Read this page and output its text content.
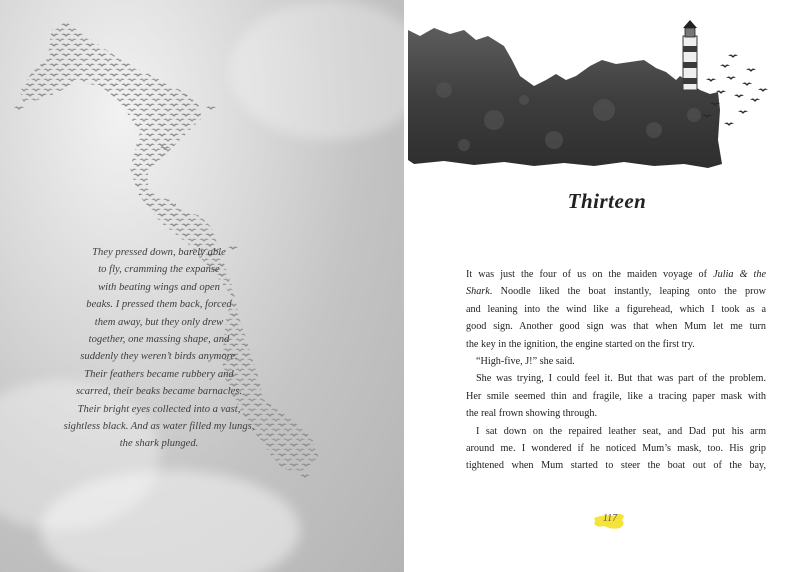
They pressed down, barely able
to fly, cramming the expanse
with beating wings and open
beaks. I pressed them back, forced
them away, but they only drew
together, one massing shape, and
suddenly they weren’t birds anymore.
Their feathers became rubbery and
scarred, their beaks became barnacles.
Their bright eyes collected into a vast,
sightless black. And as water filled my lungs,
the shark plunged.

Thirteen
It was just the four of us on the maiden voyage of Julia & the
Shark. Noodle liked the boat instantly, leaping onto the prow
and leaning into the wind like a figurehead, which I took as a
good sign. Another good sign was that when Mum let me turn
the key in the ignition, the engine started on the first try.
“High-five, J!” she said.
She was trying, I could feel it. But that was part of the problem.
Her smile seemed thin and fragile, like a tracing paper mask with
the real frown showing through.
I sat down on the repaired leather seat, and Dad put his arm
around me. I wondered if he noticed Mum’s mask, too. His grip
tightened when Mum started to steer the boat out of the bay,
117
